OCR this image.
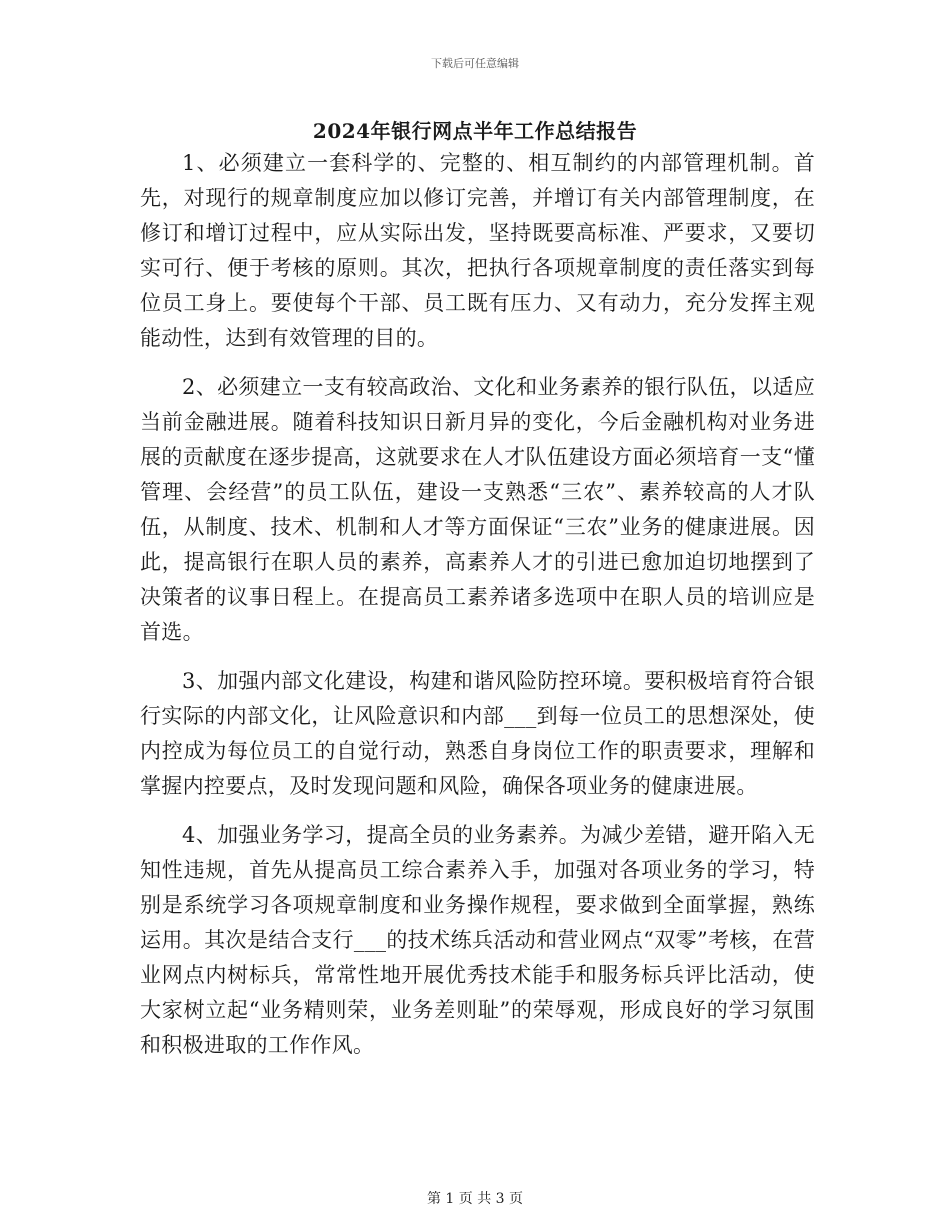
下载后可任意编辑
2024年银行网点半年工作总结报告

1、必须建立一套科学的、完整的、相互制约的内部管理机制。首先，对现行的规章制度应加以修订完善，并增订有关内部管理制度，在修订和增订过程中，应从实际出发，坚持既要高标准、严要求，又要切实可行、便于考核的原则。其次，把执行各项规章制度的责任落实到每位员工身上。要使每个干部、员工既有压力、又有动力，充分发挥主观能动性，达到有效管理的目的。

2、必须建立一支有较高政治、文化和业务素养的银行队伍，以适应当前金融进展。随着科技知识日新月异的变化，今后金融机构对业务进展的贡献度在逐步提高，这就要求在人才队伍建设方面必须培育一支“懂管理、会经营”的员工队伍，建设一支熟悉“三农”、素养较高的人才队伍，从制度、技术、机制和人才等方面保证“三农”业务的健康进展。因此，提高银行在职人员的素养，高素养人才的引进已愈加迫切地摆到了决策者的议事日程上。在提高员工素养诸多选项中在职人员的培训应是首选。

3、加强内部文化建设，构建和谐风险防控环境。要积极培育符合银行实际的内部文化，让风险意识和内部___到每一位员工的思想深处，使内控成为每位员工的自觉行动，熟悉自身岗位工作的职责要求，理解和掌握内控要点，及时发现问题和风险，确保各项业务的健康进展。

4、加强业务学习，提高全员的业务素养。为减少差错，避开陷入无知性违规，首先从提高员工综合素养入手，加强对各项业务的学习，特别是系统学习各项规章制度和业务操作规程，要求做到全面掌握，熟练运用。其次是结合支行___的技术练兵活动和营业网点“双零”考核，在营业网点内树标兵，常常性地开展优秀技术能手和服务标兵评比活动，使大家树立起“业务精则荣，业务差则耻”的荣辱观，形成良好的学习氛围和积极进取的工作作风。

第 1 页 共 3 页
